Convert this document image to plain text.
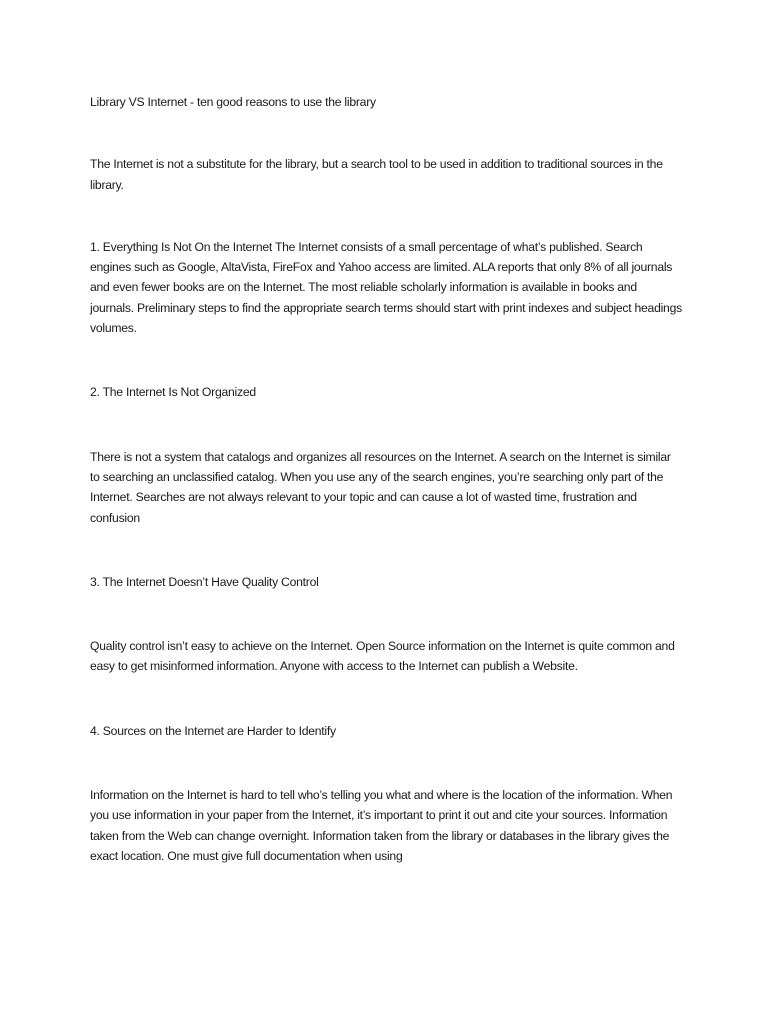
Library VS Internet - ten good reasons to use the library

The Internet is not a substitute for the library, but a search tool to be used in addition to traditional sources in the library.

1. Everything Is Not On the Internet The Internet consists of a small percentage of what’s published. Search engines such as Google, AltaVista, FireFox and Yahoo access are limited. ALA reports that only 8% of all journals and even fewer books are on the Internet. The most reliable scholarly information is available in books and journals. Preliminary steps to find the appropriate search terms should start with print indexes and subject headings volumes.

2. The Internet Is Not Organized

There is not a system that catalogs and organizes all resources on the Internet. A search on the Internet is similar to searching an unclassified catalog. When you use any of the search engines, you’re searching only part of the Internet. Searches are not always relevant to your topic and can cause a lot of wasted time, frustration and confusion

3. The Internet Doesn’t Have Quality Control

Quality control isn’t easy to achieve on the Internet. Open Source information on the Internet is quite common and easy to get misinformed information. Anyone with access to the Internet can publish a Website.

4. Sources on the Internet are Harder to Identify

Information on the Internet is hard to tell who’s telling you what and where is the location of the information. When you use information in your paper from the Internet, it’s important to print it out and cite your sources. Information taken from the Web can change overnight. Information taken from the library or databases in the library gives the exact location. One must give full documentation when using
